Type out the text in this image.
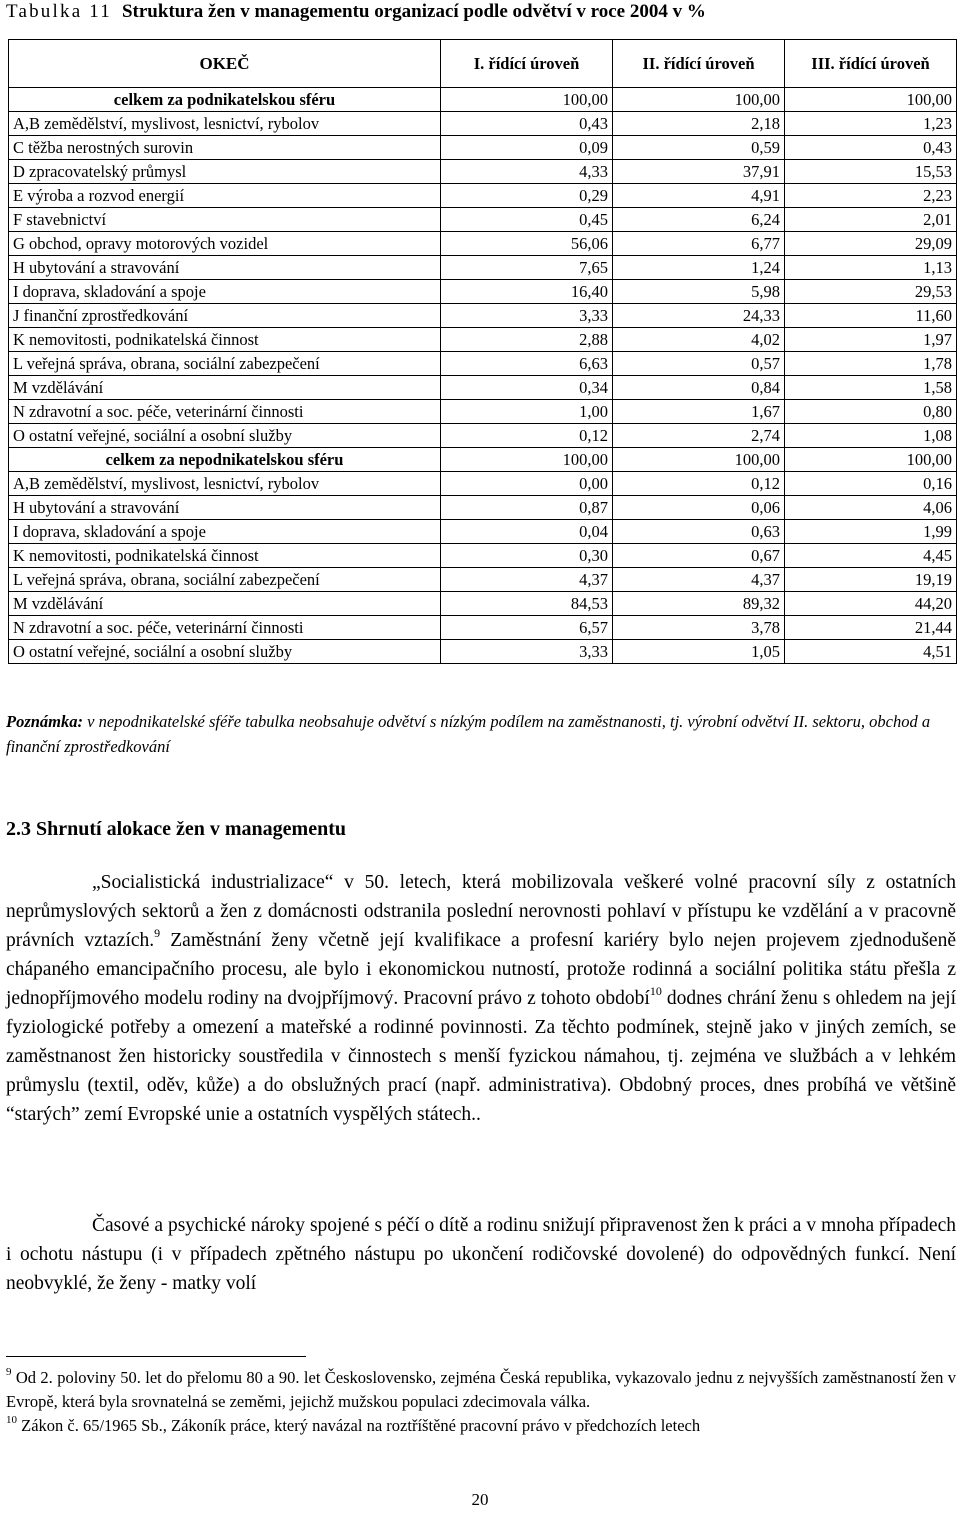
Tabulka 11 Struktura žen v managementu organizací podle odvětví v roce 2004 v %
OKEČ	I. řídící úroveň	II. řídící úroveň	III. řídící úroveň
celkem za podnikatelskou sféru	100,00	100,00	100,00
A,B zemědělství, myslivost, lesnictví, rybolov	0,43	2,18	1,23
C těžba nerostných surovin	0,09	0,59	0,43
D zpracovatelský průmysl	4,33	37,91	15,53
E výroba a rozvod energií	0,29	4,91	2,23
F stavebnictví	0,45	6,24	2,01
G obchod, opravy motorových vozidel	56,06	6,77	29,09
H ubytování a stravování	7,65	1,24	1,13
I doprava, skladování a spoje	16,40	5,98	29,53
J finanční zprostředkování	3,33	24,33	11,60
K nemovitosti, podnikatelská činnost	2,88	4,02	1,97
L veřejná správa, obrana, sociální zabezpečení	6,63	0,57	1,78
M vzdělávání	0,34	0,84	1,58
N zdravotní a soc. péče, veterinární činnosti	1,00	1,67	0,80
O ostatní veřejné, sociální a osobní služby	0,12	2,74	1,08
celkem za nepodnikatelskou sféru	100,00	100,00	100,00
A,B zemědělství, myslivost, lesnictví, rybolov	0,00	0,12	0,16
H ubytování a stravování	0,87	0,06	4,06
I doprava, skladování a spoje	0,04	0,63	1,99
K nemovitosti, podnikatelská činnost	0,30	0,67	4,45
L veřejná správa, obrana, sociální zabezpečení	4,37	4,37	19,19
M vzdělávání	84,53	89,32	44,20
N zdravotní a soc. péče, veterinární činnosti	6,57	3,78	21,44
O ostatní veřejné, sociální a osobní služby	3,33	1,05	4,51
Poznámka: v nepodnikatelské sféře tabulka neobsahuje odvětví s nízkým podílem na zaměstnanosti, tj. výrobní odvětví II. sektoru, obchod a finanční zprostředkování
2.3 Shrnutí alokace žen v managementu

„Socialistická industrializace“ v 50. letech, která mobilizovala veškeré volné pracovní síly z ostatních neprůmyslových sektorů a žen z domácnosti odstranila poslední nerovnosti pohlaví v přístupu ke vzdělání a v pracovně právních vztazích.$^9$ Zaměstnání ženy včetně její kvalifikace a profesní kariéry bylo nejen projevem zjednodušeně chápaného emancipačního procesu, ale bylo i ekonomickou nutností, protože rodinná a sociální politika státu přešla z jednopříjmového modelu rodiny na dvojpříjmový. Pracovní právo z tohoto období$^{10}$ dodnes chrání ženu s ohledem na její fyziologické potřeby a omezení a mateřské a rodinné povinnosti. Za těchto podmínek, stejně jako v jiných zemích, se zaměstnanost žen historicky soustředila v činnostech s menší fyzickou námahou, tj. zejména ve službách a v lehkém průmyslu (textil, oděv, kůže) a do obslužných prací (např. administrativa). Obdobný proces, dnes probíhá ve většině “starých” zemí Evropské unie a ostatních vyspělých státech..

Časové a psychické nároky spojené s péčí o dítě a rodinu snižují připravenost žen k práci a v mnoha případech i ochotu nástupu (i v případech zpětného nástupu po ukončení rodičovské dovolené) do odpovědných funkcí. Není neobvyklé, že ženy - matky volí

$^9$ Od 2. poloviny 50. let do přelomu 80 a 90. let Československo, zejména Česká republika, vykazovalo jednu z nejvyšších zaměstnaností žen v Evropě, která byla srovnatelná se zeměmi, jejichž mužskou populaci zdecimovala válka.

$^{10}$ Zákon č. 65/1965 Sb., Zákoník práce, který navázal na roztříštěné pracovní právo v předchozích letech

20
